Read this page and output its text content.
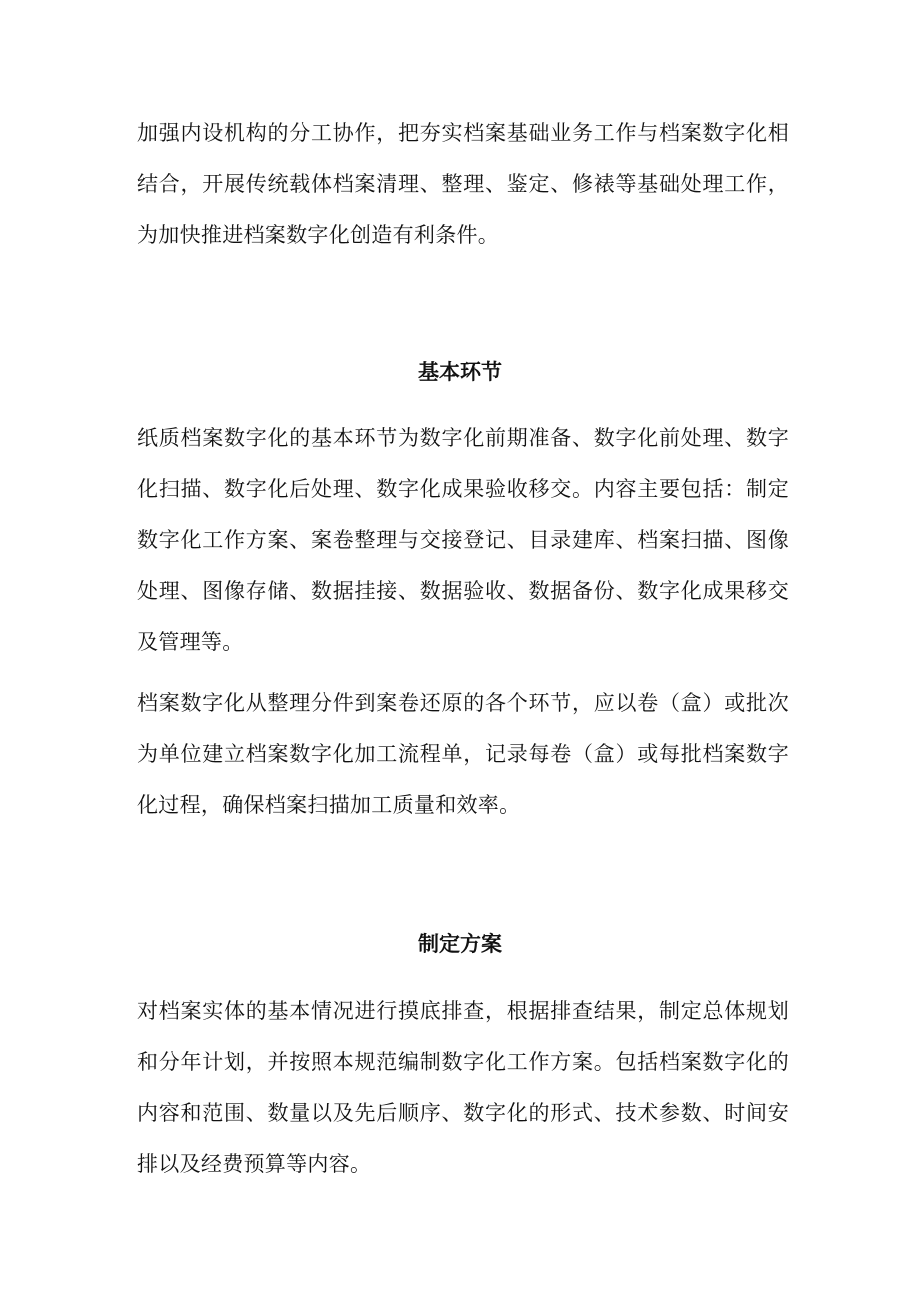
加强内设机构的分工协作，把夯实档案基础业务工作与档案数字化相结合，开展传统载体档案清理、整理、鉴定、修裱等基础处理工作，为加快推进档案数字化创造有利条件。

基本环节

纸质档案数字化的基本环节为数字化前期准备、数字化前处理、数字化扫描、数字化后处理、数字化成果验收移交。内容主要包括：制定数字化工作方案、案卷整理与交接登记、目录建库、档案扫描、图像处理、图像存储、数据挂接、数据验收、数据备份、数字化成果移交及管理等。

档案数字化从整理分件到案卷还原的各个环节，应以卷（盒）或批次为单位建立档案数字化加工流程单，记录每卷（盒）或每批档案数字化过程，确保档案扫描加工质量和效率。

制定方案

对档案实体的基本情况进行摸底排查，根据排查结果，制定总体规划和分年计划，并按照本规范编制数字化工作方案。包括档案数字化的内容和范围、数量以及先后顺序、数字化的形式、技术参数、时间安排以及经费预算等内容。
